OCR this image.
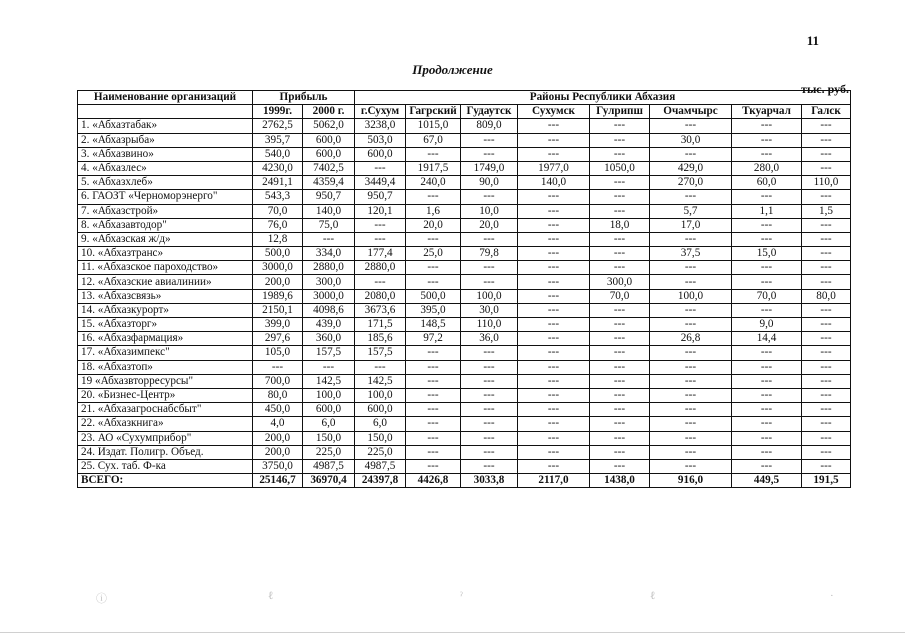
11
Продолжение
тыс. руб.
Наименование организаций	Прибыль		Районы Республики Абхазия							
	1999г.	2000 г.	г.Сухум	Гагрский	Гудаутск	Сухумск	Гулрипш	Очамчырс	Ткуарчал	Галск
1. «Абхазтабак»	2762,5	5062,0	3238,0	1015,0	809,0	---	---	---	---	---
2. «Абхазрыба»	395,7	600,0	503,0	67,0	---	---	---	30,0	---	---
3. «Абхазвино»	540,0	600,0	600,0	---	---	---	---	---	---	---
4. «Абхазлес»	4230,0	7402,5	---	1917,5	1749,0	1977,0	1050,0	429,0	280,0	---
5. «Абхазхлеб»	2491,1	4359,4	3449,4	240,0	90,0	140,0	---	270,0	60,0	110,0
6. ГАОЗТ «Черноморэнерго"	543,3	950,7	950,7	---	---	---	---	---	---	---
7. «Абхазстрой»	70,0	140,0	120,1	1,6	10,0	---	---	5,7	1,1	1,5
8. «Абхазавтодор"	76,0	75,0	---	20,0	20,0	---	18,0	17,0	---	---
9. «Абхазская ж/д»	12,8	---	---	---	---	---	---	---	---	---
10. «Абхазтранс»	500,0	334,0	177,4	25,0	79,8	---	---	37,5	15,0	---
11. «Абхазское пароходство»	3000,0	2880,0	2880,0	---	---	---	---	---	---	---
12. «Абхазские авиалинии»	200,0	300,0	---	---	---	---	300,0	---	---	---
13. «Абхазсвязь»	1989,6	3000,0	2080,0	500,0	100,0	---	70,0	100,0	70,0	80,0
14. «Абхазкурорт»	2150,1	4098,6	3673,6	395,0	30,0	---	---	---	---	---
15. «Абхазторг»	399,0	439,0	171,5	148,5	110,0	---	---	---	9,0	---
16. «Абхазфармация»	297,6	360,0	185,6	97,2	36,0	---	---	26,8	14,4	---
17. «Абхазимпекс"	105,0	157,5	157,5	---	---	---	---	---	---	---
18. «Абхазтоп»	---	---	---	---	---	---	---	---	---	---
19 «Абхазвторресурсы"	700,0	142,5	142,5	---	---	---	---	---	---	---
20. «Бизнес-Центр»	80,0	100,0	100,0	---	---	---	---	---	---	---
21. «Абхазагроснабсбыт"	450,0	600,0	600,0	---	---	---	---	---	---	---
22. «Абхазкнига»	4,0	6,0	6,0	---	---	---	---	---	---	---
23. АО «Сухумприбор"	200,0	150,0	150,0	---	---	---	---	---	---	---
24. Издат. Полигр. Объед.	200,0	225,0	225,0	---	---	---	---	---	---	---
25. Сух. таб. Ф-ка	3750,0	4987,5	4987,5	---	---	---	---	---	---	---
ВСЕГО:	25146,7	36970,4	24397,8	4426,8	3033,8	2117,0	1438,0	916,0	449,5	191,5
ⓘ	ℓ	ˀ	ℓ	·
